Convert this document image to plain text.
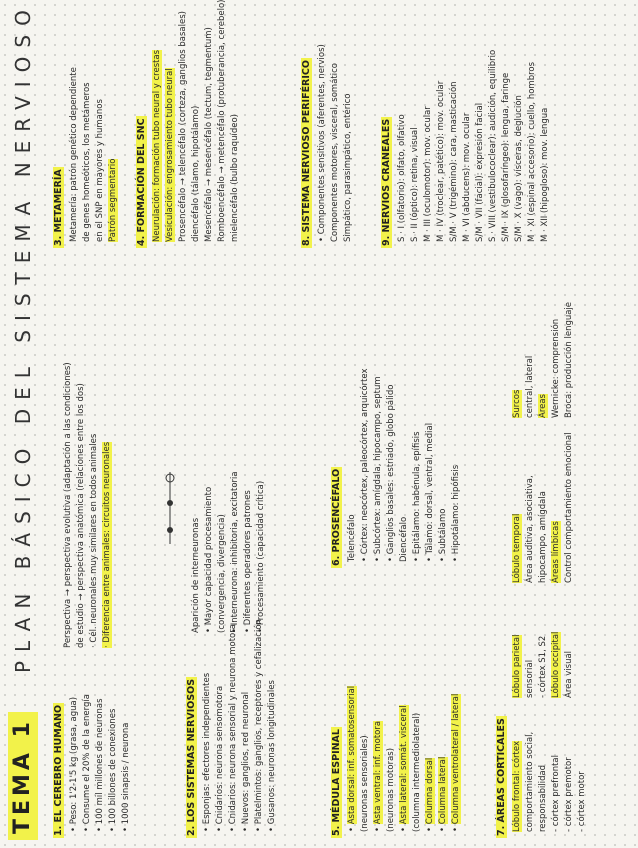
TEMA 1
PLAN BÁSICO DEL SISTEMA NERVIOSO
1. EL CEREBRO HUMANO • Peso: 1'2-1'5 kg (grasa, agua) • Consume el 20% de la energía • 100 mil millones de neuronas • 100 billones de conexiones • 1000 sinapsis / neurona
Perspectiva → perspectiva evolutiva (adaptación a las condiciones) de estudio → perspectiva anatómica (relaciones entre los dos) · Cél. neuronales muy similares en todos animales · Diferencia entre animales: circuitos neuronales
2. LOS SISTEMAS NERVIOSOS • Esponjas: efectores independientes • Cnidarios: neurona sensomotora • Cnidarios: neurona sensorial y neurona motora • Nuevos: ganglios, red neuronal • Platelmintos: ganglios, receptores y cefalización • Gusanos: neuronas longitudinales
Aparición de interneuronas • Mayor capacidad procesamiento (convergencia, divergencia) • Interneurona: inhibitoria, excitatoria • Diferentes operadores patrones • Procesamiento (capacidad crítica)
3. METAMERÍA Metamería: patrón genético dependiente de genes homeóticos, los metámeros en el SNP en mayores y humanos Patrón segmentario 4. FORMACIÓN DEL SNC Neurulación: formación tubo neural y crestas Vesiculación: engrosamiento tubo neural Prosencéfalo → telencéfalo (corteza, ganglios basales) diencéfalo (tálamo, hipotálamo) Mesencéfalo → mesencéfalo (tectum, tegmentum) Romboencéfalo → metencéfalo (protuberancia, cerebelo) mielencéfalo (bulbo raquídeo)
5. MÉDULA ESPINAL • Asta dorsal: inf. somatosensorial (neuronas sensoriales) • Asta ventral: inf. motora (neuronas motoras) • Asta lateral: somát. visceral (columna intermediolateral) • Columna dorsal • Columna lateral • Columna ventrolateral / lateral
6. PROSENCÉFALO Telencéfalo • Córtex: neocórtex, paleocórtex, arquicórtex • Subcórtex: amígdala, hipocampo, septum • Ganglios basales: estriado, globo pálido Diencéfalo • Epitálamo: habénula, epífisis • Tálamo: dorsal, ventral, medial • Subtálamo • Hipotálamo: hipófisis
7. ÁREAS CORTICALES Lóbulo frontal: córtex comportamiento social, responsabilidad - córtex prefrontal - córtex premotor - córtex motor
Lóbulo parietal sensorial - córtex S1, S2 Lóbulo occipital Área visual
Lóbulo temporal Área auditiva, asociativa, hipocampo, amígdala Áreas límbicas Control comportamiento emocional
Surcos central, lateral Áreas Wernicke: comprensión Broca: producción lenguaje
8. SISTEMA NERVIOSO PERIFÉRICO • Componentes sensitivos (aferentes, nervios) Componentes motores, visceral, somático Simpático, parasimpático, entérico	9. NERVIOS CRANEALES S · I (olfatorio): olfato, olfativo S · II (óptico): retina, visual M · III (oculomotor): mov. ocular M · IV (troclear, patético): mov. ocular S/M · V (trigémino): cara, masticación M · VI (abducens): mov. ocular S/M · VII (facial): expresión facial S · VIII (vestibulococlear): audición, equilibrio S/M · IX (glosofaríngeo): lengua, faringe S/M · X (vago): vísceras, deglución M · XI (espinal accesorio): cuello, hombros M · XII (hipogloso): mov. lengua
